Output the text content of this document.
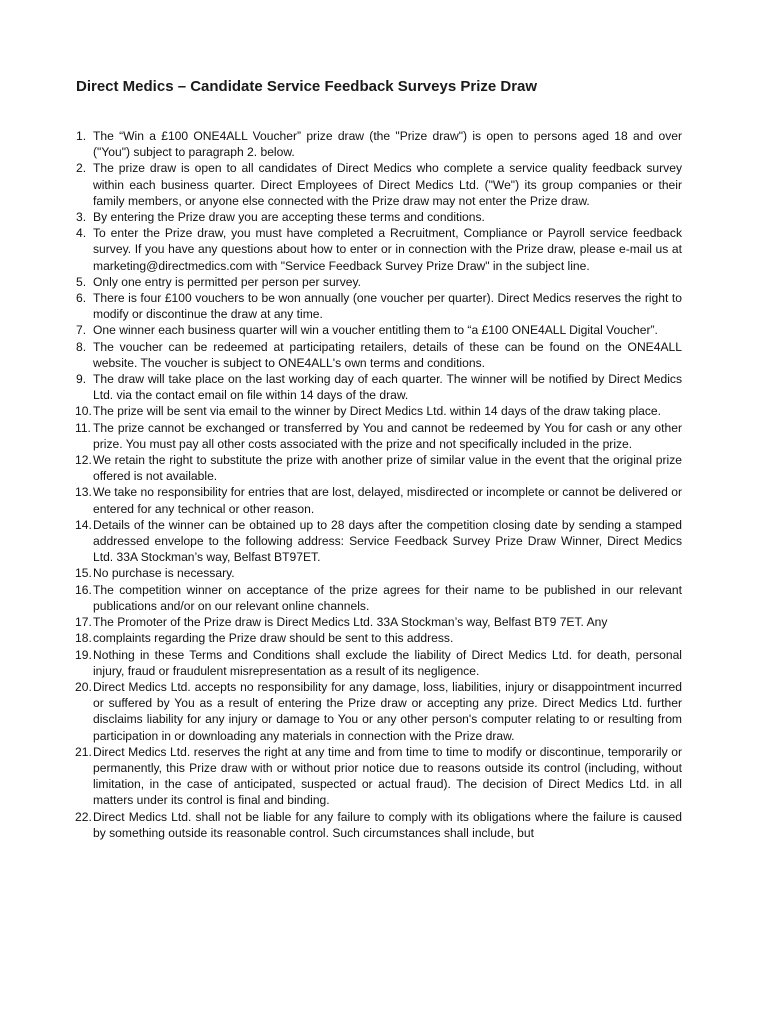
Direct Medics – Candidate Service Feedback Surveys Prize Draw
1. The “Win a £100 ONE4ALL Voucher” prize draw (the "Prize draw") is open to persons aged 18 and over ("You") subject to paragraph 2. below.
2. The prize draw is open to all candidates of Direct Medics who complete a service quality feedback survey within each business quarter. Direct Employees of Direct Medics Ltd. ("We") its group companies or their family members, or anyone else connected with the Prize draw may not enter the Prize draw.
3. By entering the Prize draw you are accepting these terms and conditions.
4. To enter the Prize draw, you must have completed a Recruitment, Compliance or Payroll service feedback survey. If you have any questions about how to enter or in connection with the Prize draw, please e-mail us at marketing@directmedics.com with "Service Feedback Survey Prize Draw" in the subject line.
5. Only one entry is permitted per person per survey.
6. There is four £100 vouchers to be won annually (one voucher per quarter). Direct Medics reserves the right to modify or discontinue the draw at any time.
7. One winner each business quarter will win a voucher entitling them to “a £100 ONE4ALL Digital Voucher”.
8. The voucher can be redeemed at participating retailers, details of these can be found on the ONE4ALL website. The voucher is subject to ONE4ALL's own terms and conditions.
9. The draw will take place on the last working day of each quarter. The winner will be notified by Direct Medics Ltd. via the contact email on file within 14 days of the draw.
10. The prize will be sent via email to the winner by Direct Medics Ltd. within 14 days of the draw taking place.
11. The prize cannot be exchanged or transferred by You and cannot be redeemed by You for cash or any other prize. You must pay all other costs associated with the prize and not specifically included in the prize.
12. We retain the right to substitute the prize with another prize of similar value in the event that the original prize offered is not available.
13. We take no responsibility for entries that are lost, delayed, misdirected or incomplete or cannot be delivered or entered for any technical or other reason.
14. Details of the winner can be obtained up to 28 days after the competition closing date by sending a stamped addressed envelope to the following address: Service Feedback Survey Prize Draw Winner, Direct Medics Ltd. 33A Stockman’s way, Belfast BT97ET.
15. No purchase is necessary.
16. The competition winner on acceptance of the prize agrees for their name to be published in our relevant publications and/or on our relevant online channels.
17. The Promoter of the Prize draw is Direct Medics Ltd. 33A Stockman’s way, Belfast BT9 7ET. Any
18. complaints regarding the Prize draw should be sent to this address.
19. Nothing in these Terms and Conditions shall exclude the liability of Direct Medics Ltd. for death, personal injury, fraud or fraudulent misrepresentation as a result of its negligence.
20. Direct Medics Ltd. accepts no responsibility for any damage, loss, liabilities, injury or disappointment incurred or suffered by You as a result of entering the Prize draw or accepting any prize. Direct Medics Ltd. further disclaims liability for any injury or damage to You or any other person's computer relating to or resulting from participation in or downloading any materials in connection with the Prize draw.
21. Direct Medics Ltd. reserves the right at any time and from time to time to modify or discontinue, temporarily or permanently, this Prize draw with or without prior notice due to reasons outside its control (including, without limitation, in the case of anticipated, suspected or actual fraud). The decision of Direct Medics Ltd. in all matters under its control is final and binding.
22. Direct Medics Ltd. shall not be liable for any failure to comply with its obligations where the failure is caused by something outside its reasonable control. Such circumstances shall include, but
